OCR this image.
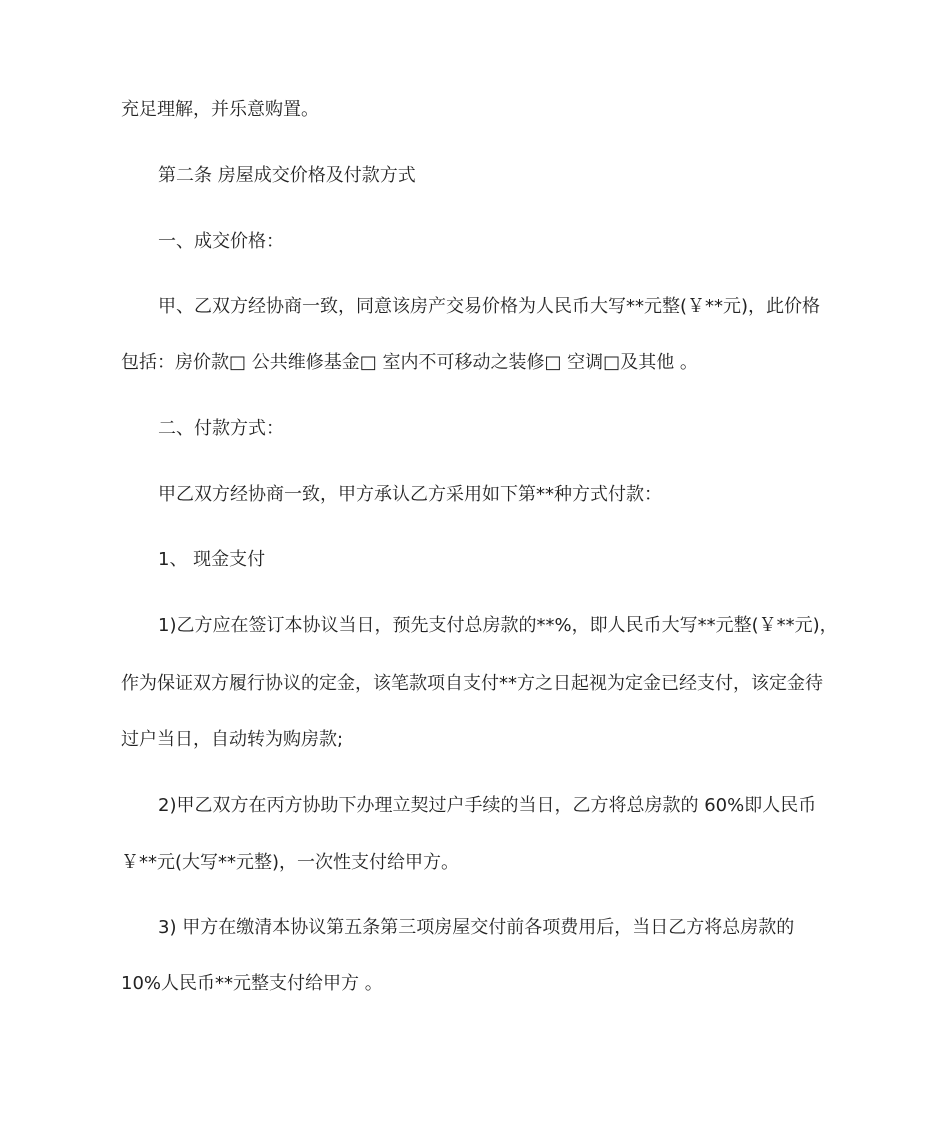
充足理解，并乐意购置。
第二条 房屋成交价格及付款方式
一、成交价格：
甲、乙双方经协商一致，同意该房产交易价格为人民币大写**元整(￥**元)，此价格
包括：房价款□ 公共维修基金□ 室内不可移动之装修□ 空调□及其他 。
二、付款方式：
甲乙双方经协商一致，甲方承认乙方采用如下第**种方式付款：
1、 现金支付
1)乙方应在签订本协议当日，预先支付总房款的**%，即人民币大写**元整(￥**元)，
作为保证双方履行协议的定金，该笔款项自支付**方之日起视为定金已经支付，该定金待
过户当日，自动转为购房款;
2)甲乙双方在丙方协助下办理立契过户手续的当日，乙方将总房款的 60%即人民币
￥**元(大写**元整)，一次性支付给甲方。
3) 甲方在缴清本协议第五条第三项房屋交付前各项费用后，当日乙方将总房款的
10%人民币**元整支付给甲方 。
